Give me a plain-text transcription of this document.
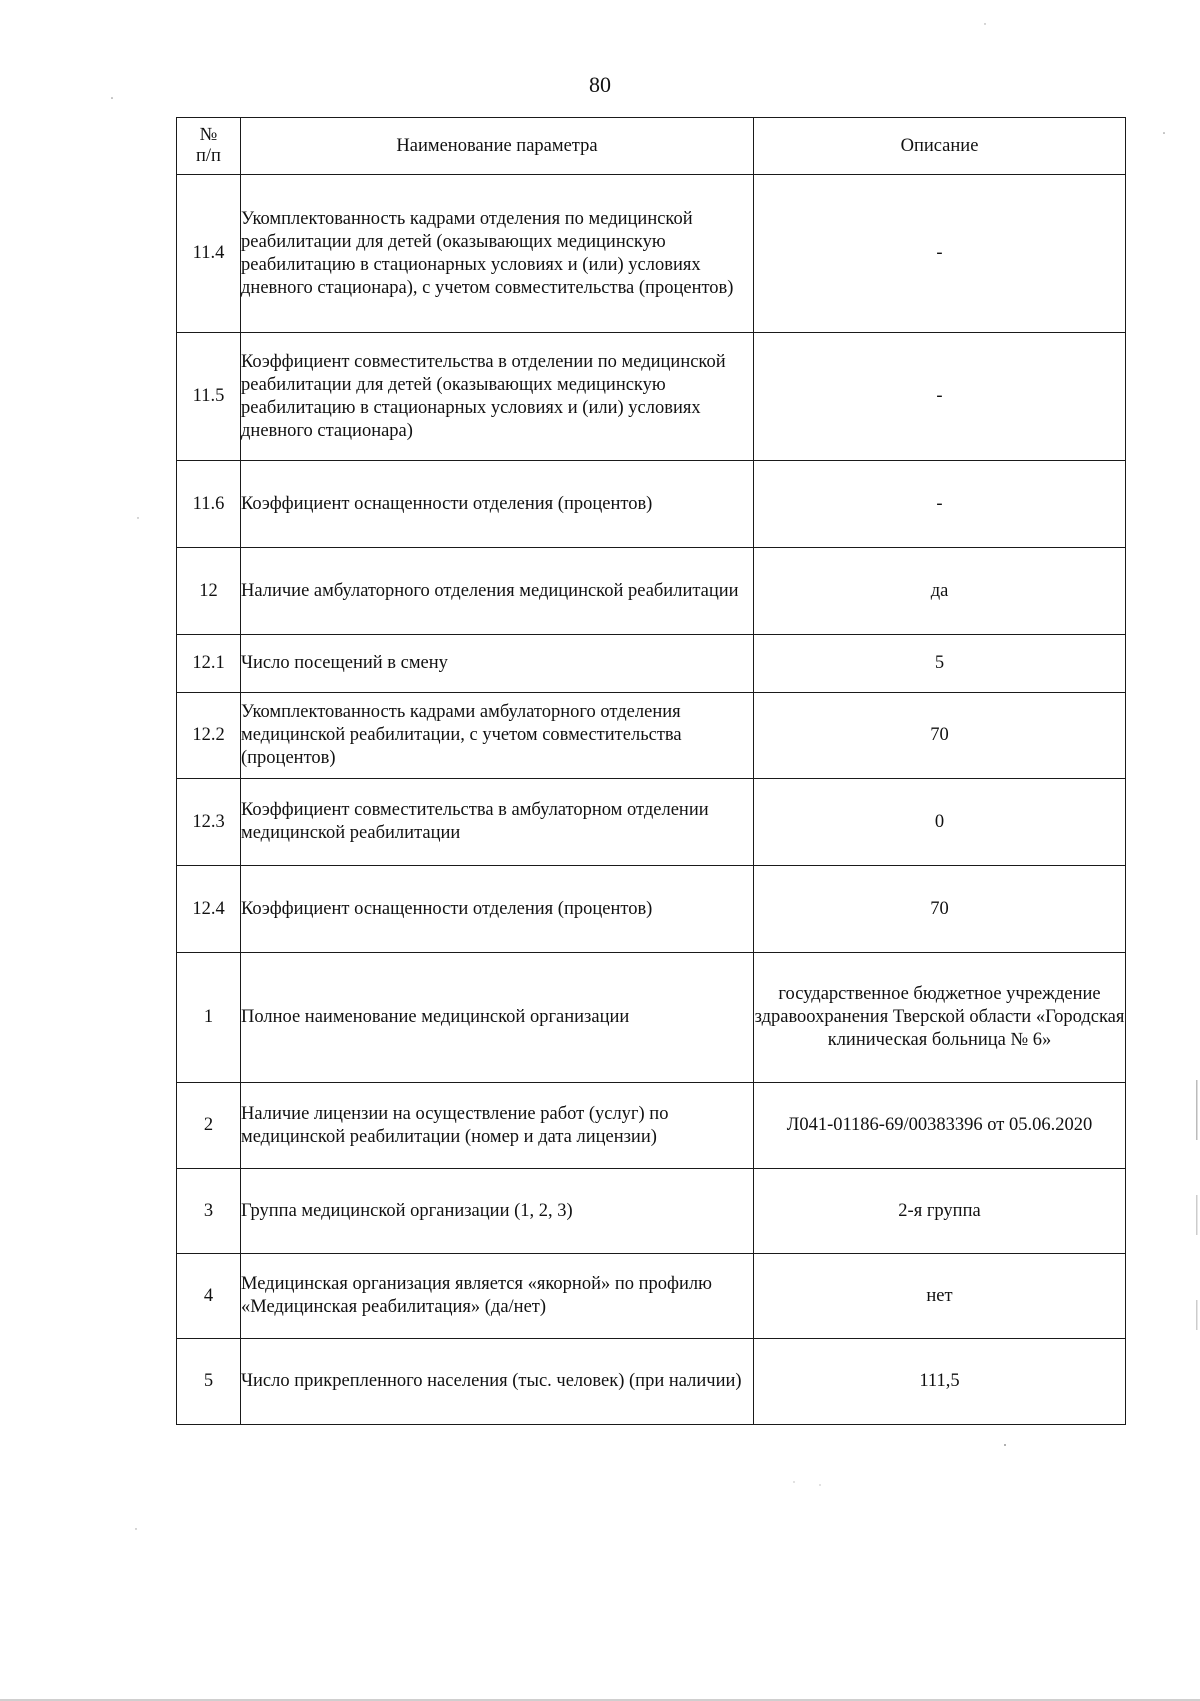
80
№
п/п	Наименование параметра	Описание
11.4	Укомплектованность кадрами отделения по медицинской реабилитации для детей (оказывающих медицинскую реабилитацию в стационарных условиях и (или) условиях дневного стационара), с учетом совместительства (процентов)	-
11.5	Коэффициент совместительства в отделении по медицинской реабилитации для детей (оказывающих медицинскую реабилитацию в стационарных условиях и (или) условиях дневного стационара)	-
11.6	Коэффициент оснащенности отделения (процентов)	-
12	Наличие амбулаторного отделения медицинской реабилитации	да
12.1	Число посещений в смену	5
12.2	Укомплектованность кадрами амбулаторного отделения медицинской реабилитации, с учетом совместительства (процентов)	70
12.3	Коэффициент совместительства в амбулаторном отделении медицинской реабилитации	0
12.4	Коэффициент оснащенности отделения (процентов)	70
1	Полное наименование медицинской организации	государственное бюджетное учреждение здравоохранения Тверской области «Городская клиническая больница № 6»
2	Наличие лицензии на осуществление работ (услуг) по медицинской реабилитации (номер и дата лицензии)	Л041-01186-69/00383396 от 05.06.2020
3	Группа медицинской организации (1, 2, 3)	2-я группа
4	Медицинская организация является «якорной» по профилю «Медицинская реабилитация» (да/нет)	нет
5	Число прикрепленного населения (тыс. человек) (при наличии)	111,5
